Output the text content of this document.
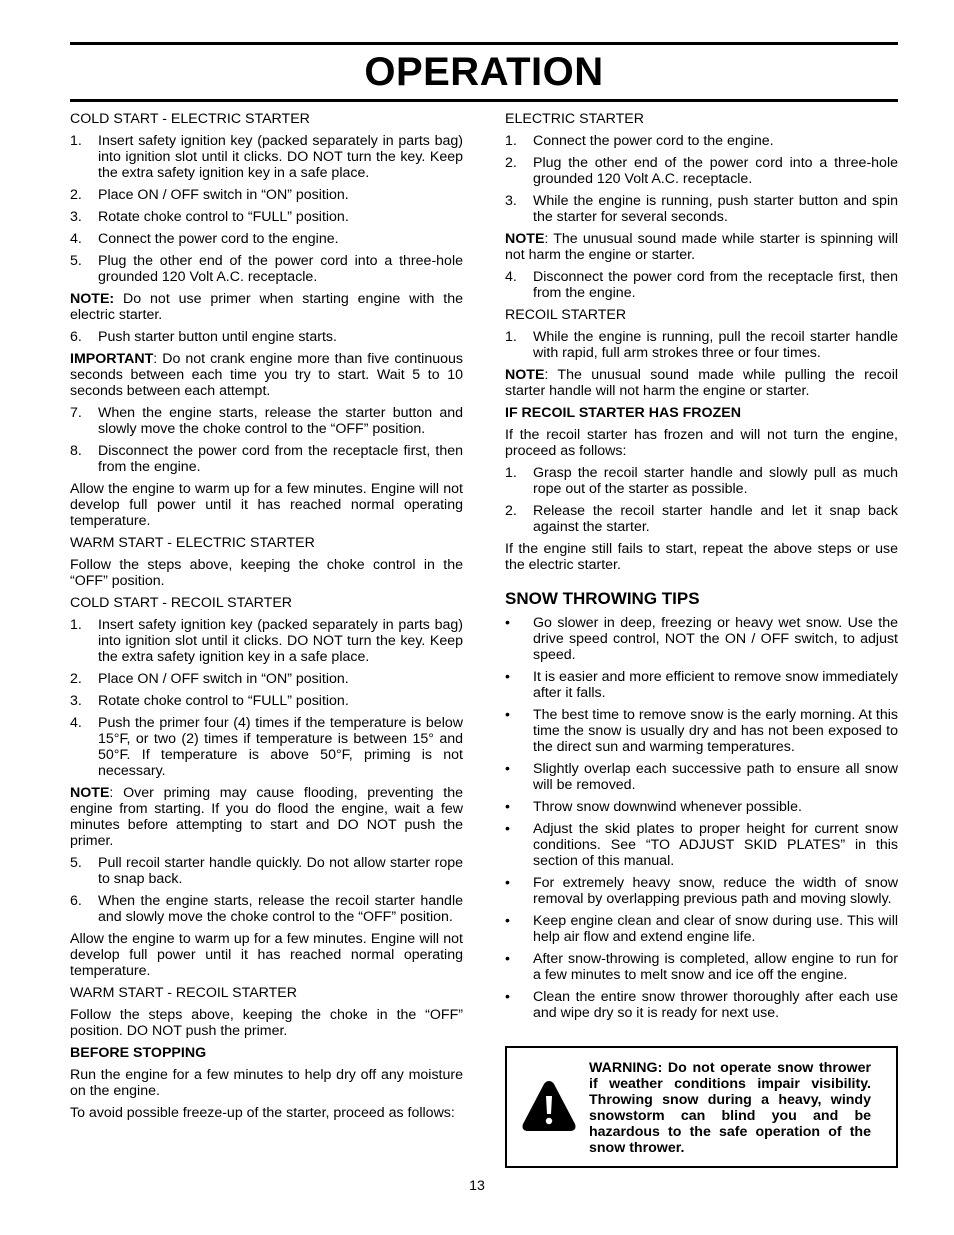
OPERATION
COLD START - ELECTRIC STARTER
1.	Insert safety ignition key (packed separately in parts bag) into ignition slot until it clicks. DO NOT turn the key. Keep the extra safety ignition key in a safe place.
2.	Place ON / OFF switch in “ON” position.
3.	Rotate choke control to “FULL” position.
4.	Connect the power cord to the engine.
5.	Plug the other end of the power cord into a three-hole grounded 120 Volt A.C. receptacle.
NOTE: Do not use primer when starting engine with the electric starter.
6.	Push starter button until engine starts.
IMPORTANT: Do not crank engine more than five continuous seconds between each time you try to start. Wait 5 to 10 seconds between each attempt.
7.	When the engine starts, release the starter button and slowly move the choke control to the “OFF” position.
8.	Disconnect the power cord from the receptacle first, then from the engine.
Allow the engine to warm up for a few minutes. Engine will not develop full power until it has reached normal operating temperature.
WARM START - ELECTRIC STARTER
Follow the steps above, keeping the choke control in the “OFF” position.
COLD START - RECOIL STARTER
1.	Insert safety ignition key (packed separately in parts bag) into ignition slot until it clicks. DO NOT turn the key. Keep the extra safety ignition key in a safe place.
2.	Place ON / OFF switch in “ON” position.
3.	Rotate choke control to “FULL” position.
4.	Push the primer four (4) times if the temperature is below 15°F, or two (2) times if temperature is between 15° and 50°F. If temperature is above 50°F, priming is not necessary.
NOTE: Over priming may cause flooding, preventing the engine from starting. If you do flood the engine, wait a few minutes before attempting to start and DO NOT push the primer.
5.	Pull recoil starter handle quickly. Do not allow starter rope to snap back.
6.	When the engine starts, release the recoil starter handle and slowly move the choke control to the “OFF” position.
Allow the engine to warm up for a few minutes. Engine will not develop full power until it has reached normal operating temperature.
WARM START - RECOIL STARTER
Follow the steps above, keeping the choke in the “OFF” position. DO NOT push the primer.
BEFORE STOPPING
Run the engine for a few minutes to help dry off any moisture on the engine.
To avoid possible freeze-up of the starter, proceed as follows:
ELECTRIC STARTER
1.	Connect the power cord to the engine.
2.	Plug the other end of the power cord into a three-hole grounded 120 Volt A.C. receptacle.
3.	While the engine is running, push starter button and spin the starter for several seconds.
NOTE: The unusual sound made while starter is spinning will not harm the engine or starter.
4.	Disconnect the power cord from the receptacle first, then from the engine.
RECOIL STARTER
1.	While the engine is running, pull the recoil starter handle with rapid, full arm strokes three or four times.
NOTE: The unusual sound made while pulling the recoil starter handle will not harm the engine or starter.
IF RECOIL STARTER HAS FROZEN
If the recoil starter has frozen and will not turn the engine, proceed as follows:
1.	Grasp the recoil starter handle and slowly pull as much rope out of the starter as possible.
2.	Release the recoil starter handle and let it snap back against the starter.
If the engine still fails to start, repeat the above steps or use the electric starter.
SNOW THROWING TIPS
•	Go slower in deep, freezing or heavy wet snow. Use the drive speed control, NOT the ON / OFF switch, to adjust speed.
•	It is easier and more efficient to remove snow immediately after it falls.
•	The best time to remove snow is the early morning. At this time the snow is usually dry and has not been exposed to the direct sun and warming temperatures.
•	Slightly overlap each successive path to ensure all snow will be removed.
•	Throw snow downwind whenever possible.
•	Adjust the skid plates to proper height for current snow conditions. See “TO ADJUST SKID PLATES” in this section of this manual.
•	For extremely heavy snow, reduce the width of snow removal by overlapping previous path and moving slowly.
•	Keep engine clean and clear of snow during use. This will help air flow and extend engine life.
•	After snow-throwing is completed, allow engine to run for a few minutes to melt snow and ice off the engine.
•	Clean the entire snow thrower thoroughly after each use and wipe dry so it is ready for next use.
WARNING: Do not operate snow thrower if weather conditions impair visibility. Throwing snow during a heavy, windy snowstorm can blind you and be hazardous to the safe operation of the snow thrower.
13
